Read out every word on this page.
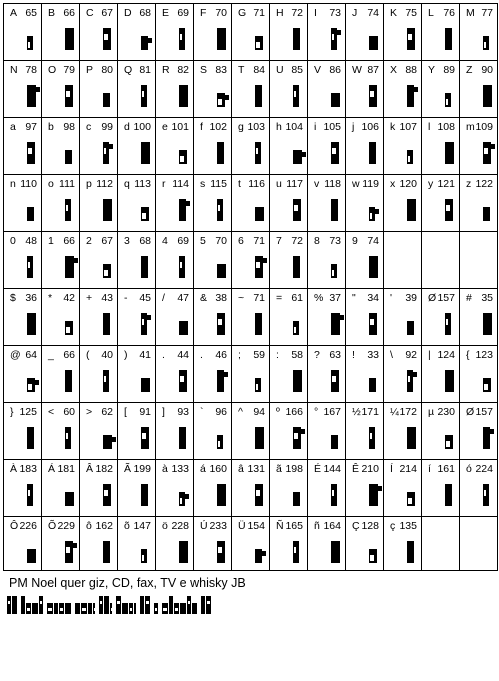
A 65 B 66 C 67 D 68 E 69 F 70 G 71 H 72 I 73 J 74 K 75 L 76 M 77
N 78 O 79 P 80 Q 81 R 82 S 83 T 84 U 85 V 86 W 87 X 88 Y 89 Z 90
a 97 b 98 c 99 d 100 e 101 f 102 g 103 h 104 i 105 j 106 k 107 l 108 m 109
n 110 o 111 p 112 q 113 r 114 s 115 t 116 u 117 v 118 w 119 x 120 y 121 z 122
0 48 1 66 2 67 3 68 4 69 5 70 6 71 7 72 8 73 9 74
$ 36 * 42 + 43 - 45 / 47 & 38 ~ 71 = 61 % 37 " 34 ' 39 Ø 157 # 35
@ 64 _ 66 ( 40 ) 41 . 44 . 46 ; 59 : 58 ? 63 ! 33 \ 92 | 124 { 123
} 125 < 60 > 62 [ 91 ] 93 ` 96 ^ 94 º 166 ° 167 ½ 171 ¼ 172 µ 230 Ø 157
À 183 Á 181 Â 182 Ã 199 à 133 á 160 â 131 ã 198 É 144 Ê 210 Í 214 í 161 ó 224
Ô 226 Õ 229 ô 162 õ 147 ö 228 Ú 233 Ü 154 Ñ 165 ñ 164 Ç 128 ç 135
PM Noel quer giz, CD, fax, TV e whisky JB
